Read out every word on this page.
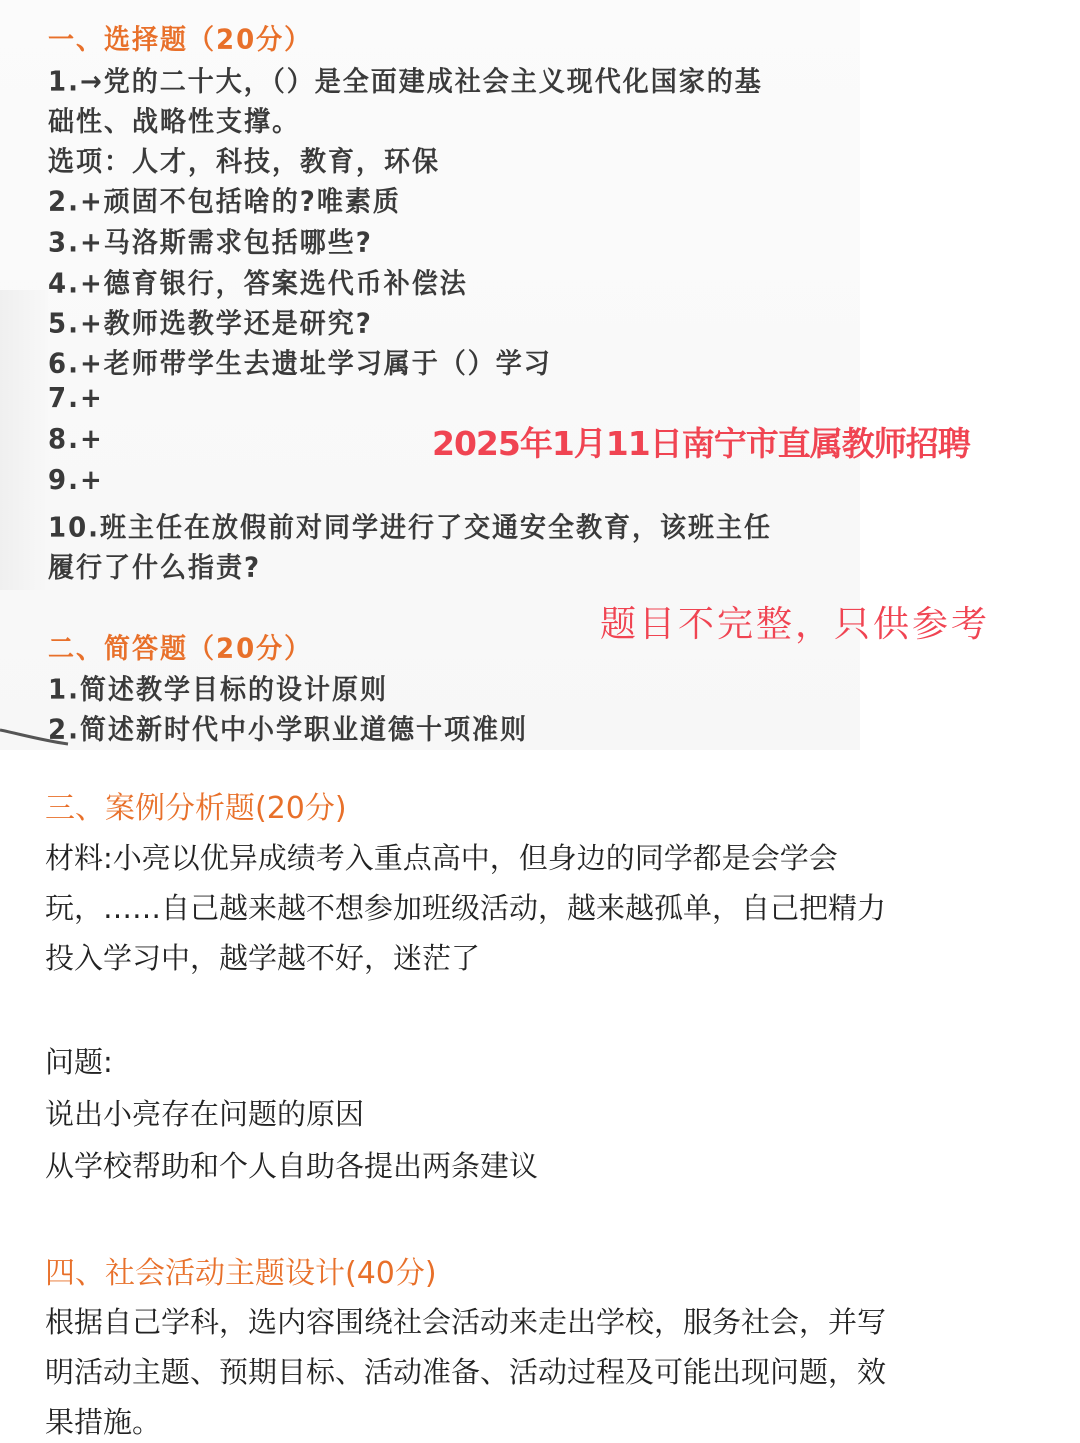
一、选择题（20分）
1.→党的二十大，（）是全面建成社会主义现代化国家的基
础性、战略性支撑。
选项：人才，科技，教育，环保
2.+顽固不包括啥的?唯素质
3.+马洛斯需求包括哪些?
4.+德育银行，答案选代币补偿法
5.+教师选教学还是研究?
6.+老师带学生去遗址学习属于（）学习
7.+
8.+
9.+
10.班主任在放假前对同学进行了交通安全教育，该班主任
履行了什么指责?
2025年1月11日南宁市直属教师招聘
二、简答题（20分）
题目不完整，只供参考
1.简述教学目标的设计原则
2.简述新时代中小学职业道德十项准则
三、案例分析题(20分)
材料:小亮以优异成绩考入重点高中，但身边的同学都是会学会
玩，……自己越来越不想参加班级活动，越来越孤单，自己把精力
投入学习中，越学越不好，迷茫了
问题:
说出小亮存在问题的原因
从学校帮助和个人自助各提出两条建议
四、社会活动主题设计(40分)
根据自己学科，选内容围绕社会活动来走出学校，服务社会，并写
明活动主题、预期目标、活动准备、活动过程及可能出现问题，效
果措施。
